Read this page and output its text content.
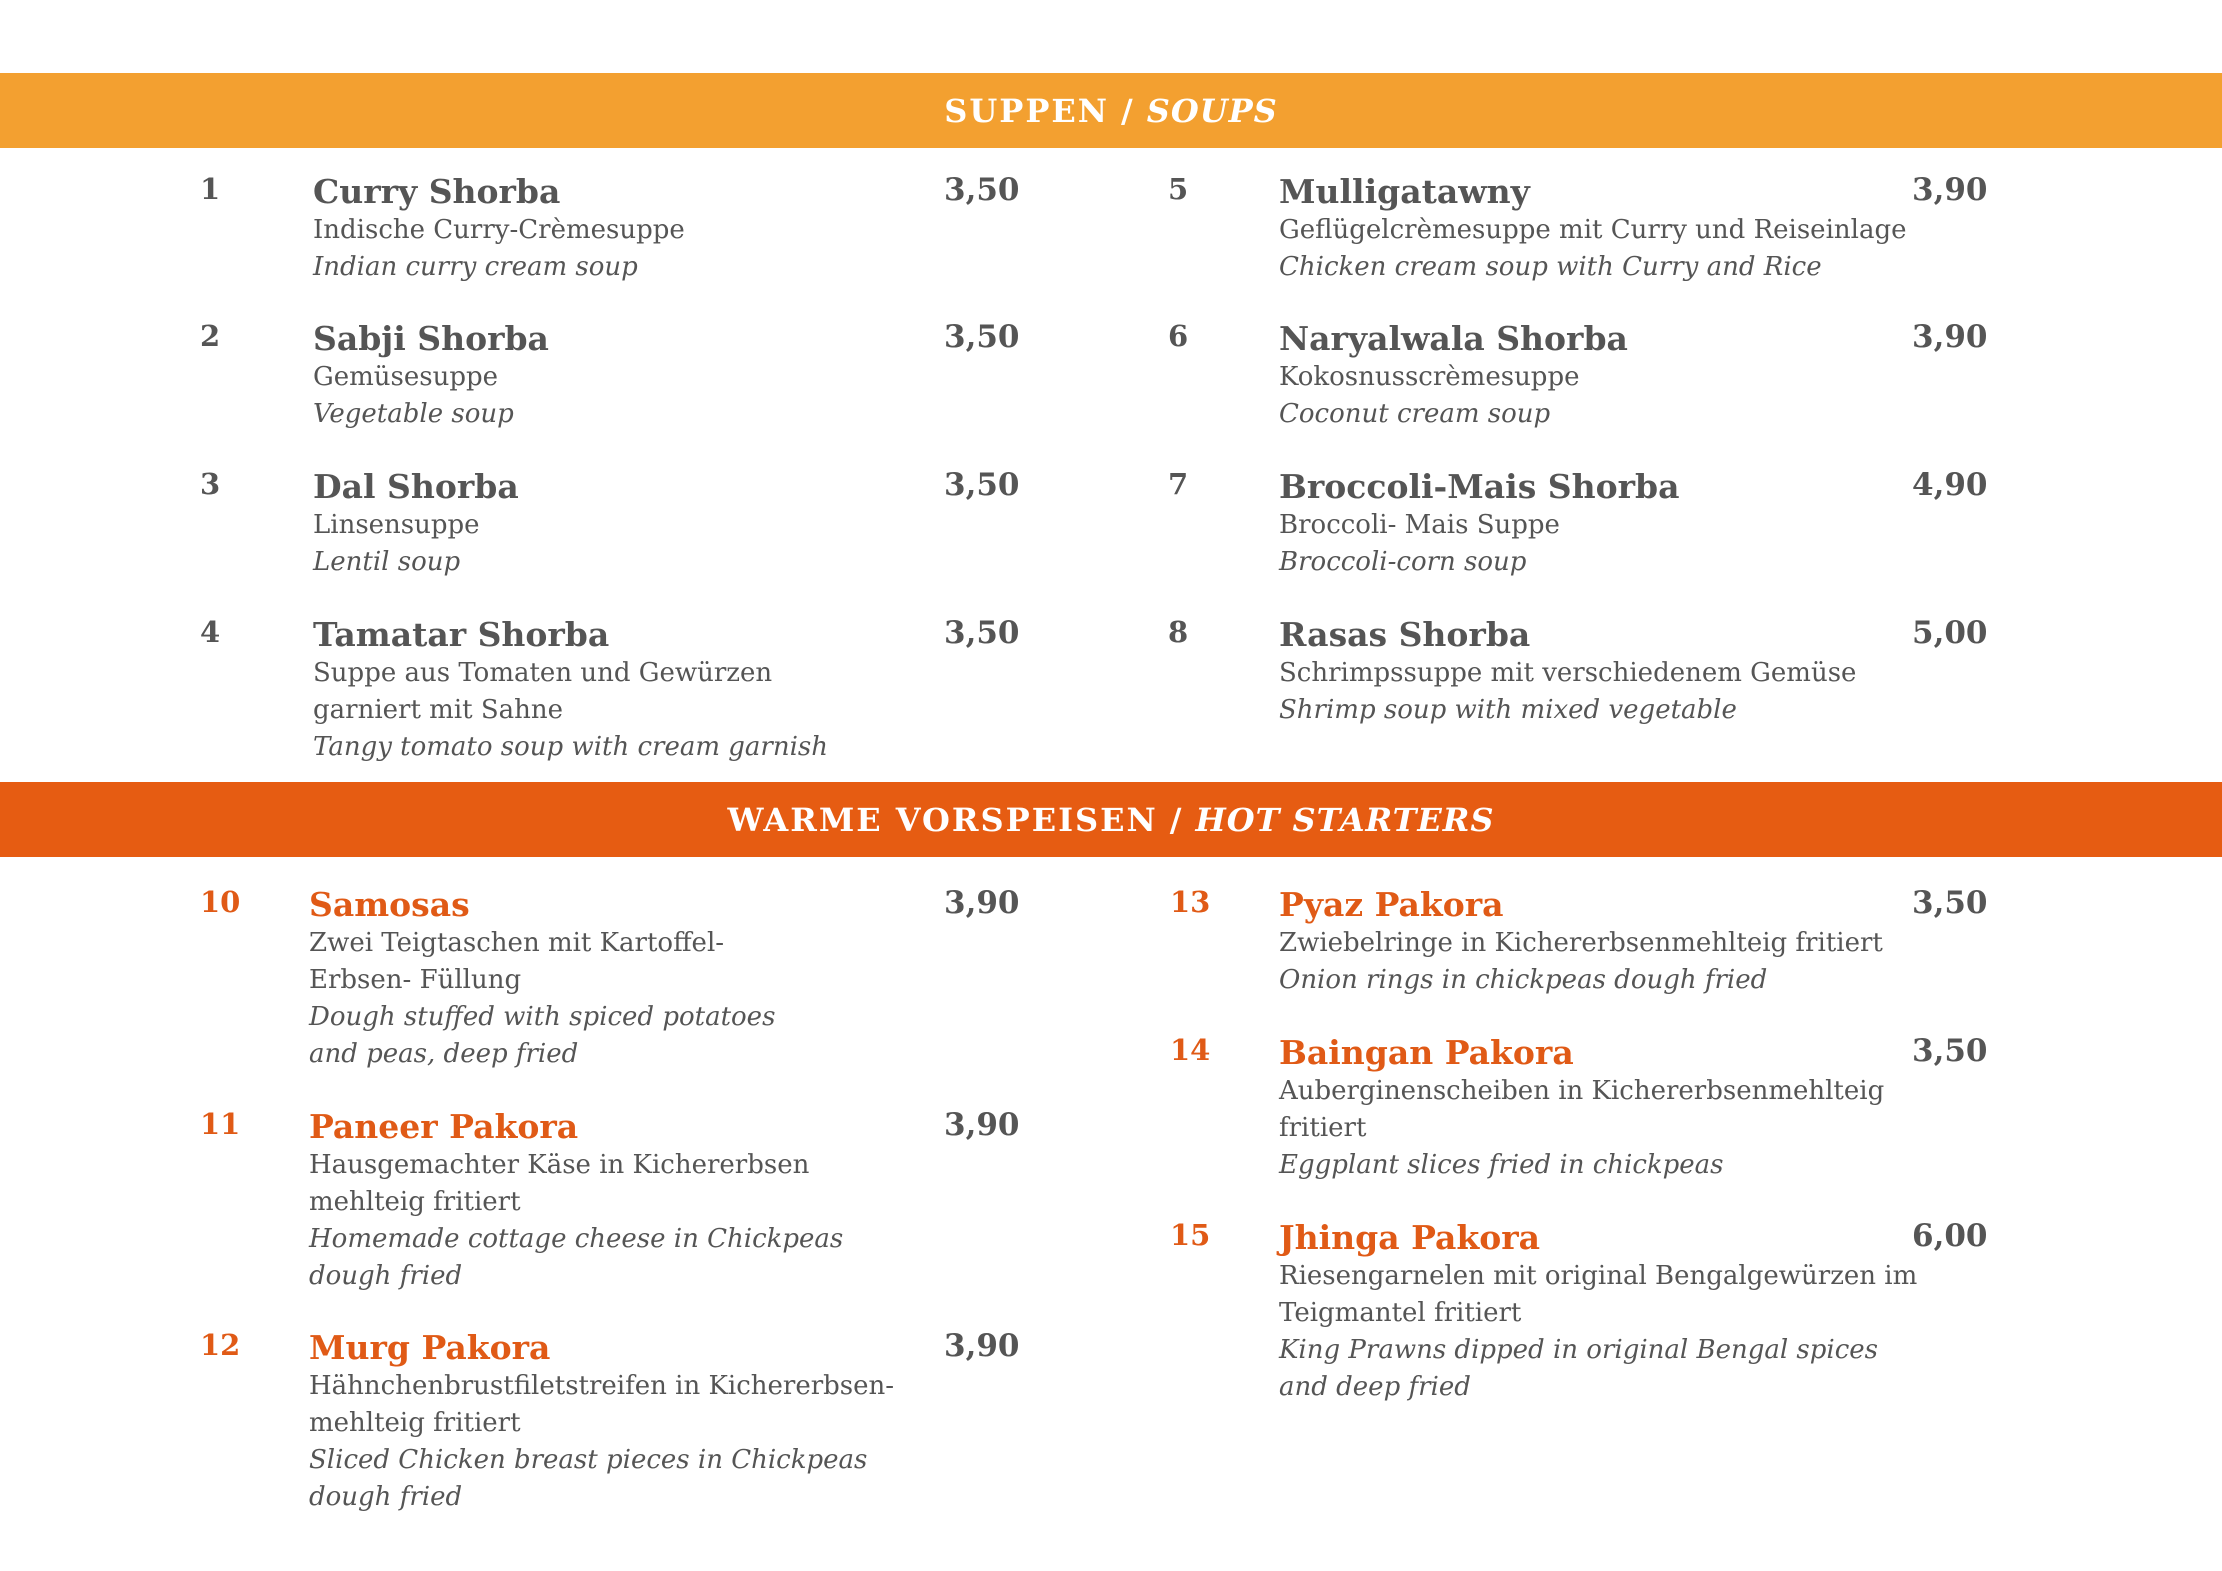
SUPPEN / SOUPS
WARME VORSPEISEN / HOT STARTERS
1	Curry Shorba	3,50
Indische Curry-Crèmesuppe
Indian curry cream soup
2	Sabji Shorba	3,50
Gemüsesuppe
Vegetable soup
3	Dal Shorba	3,50
Linsensuppe
Lentil soup
4	Tamatar Shorba	3,50
Suppe aus Tomaten und Gewürzen
garniert mit Sahne
Tangy tomato soup with cream garnish
5	Mulligatawny	3,90
Geflügelcrèmesuppe mit Curry und Reiseinlage
Chicken cream soup with Curry and Rice
6	Naryalwala Shorba	3,90
Kokosnusscrèmesuppe
Coconut cream soup
7	Broccoli-Mais Shorba	4,90
Broccoli- Mais Suppe
Broccoli-corn soup
8	Rasas Shorba	5,00
Schrimpssuppe mit verschiedenem Gemüse
Shrimp soup with mixed vegetable
10 Samosas	3,90
Zwei Teigtaschen mit Kartoffel-
Erbsen- Füllung
Dough stuffed with spiced potatoes
and peas, deep fried
11 Paneer Pakora	3,90
Hausgemachter Käse in Kichererbsen
mehlteig fritiert
Homemade cottage cheese in Chickpeas
dough fried
12 Murg Pakora	3,90
Hähnchenbrustfiletstreifen in Kichererbsen-
mehlteig fritiert
Sliced Chicken breast pieces in Chickpeas
dough fried
13 Pyaz Pakora	3,50
Zwiebelringe in Kichererbsenmehlteig fritiert
Onion rings in chickpeas dough fried
14 Baingan Pakora	3,50
Auberginenscheiben in Kichererbsenmehlteig
fritiert
Eggplant slices fried in chickpeas
15 Jhinga Pakora	6,00
Riesengarnelen mit original Bengalgewürzen im
Teigmantel fritiert
King Prawns dipped in original Bengal spices
and deep fried
